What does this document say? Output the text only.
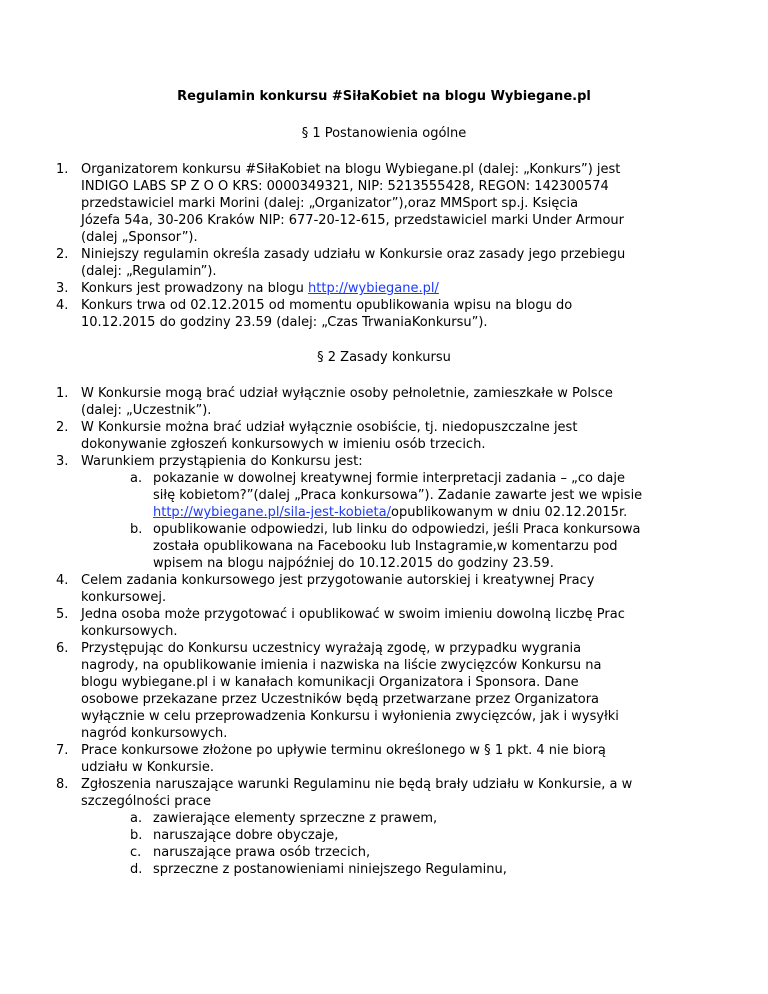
Regulamin konkursu #SiłaKobiet na blogu Wybiegane.pl

§ 1 Postanowienia ogólne

1. Organizatorem konkursu #SiłaKobiet na blogu Wybiegane.pl (dalej: „Konkurs”) jest
INDIGO LABS SP Z O O KRS: 0000349321, NIP: 5213555428, REGON: 142300574
przedstawiciel marki Morini (dalej: „Organizator”),oraz MMSport sp.j. Księcia
Józefa 54a, 30-206 Kraków NIP: 677-20-12-615, przedstawiciel marki Under Armour
(dalej „Sponsor”).
2. Niniejszy regulamin określa zasady udziału w Konkursie oraz zasady jego przebiegu
(dalej: „Regulamin”).
3. Konkurs jest prowadzony na blogu http://wybiegane.pl/
4. Konkurs trwa od 02.12.2015 od momentu opublikowania wpisu na blogu do
10.12.2015 do godziny 23.59 (dalej: „Czas TrwaniaKonkursu”).

§ 2 Zasady konkursu

1. W Konkursie mogą brać udział wyłącznie osoby pełnoletnie, zamieszkałe w Polsce
(dalej: „Uczestnik”).
2. W Konkursie można brać udział wyłącznie osobiście, tj. niedopuszczalne jest
dokonywanie zgłoszeń konkursowych w imieniu osób trzecich.
3. Warunkiem przystąpienia do Konkursu jest:
a. pokazanie w dowolnej kreatywnej formie interpretacji zadania – „co daje
siłę kobietom?”(dalej „Praca konkursowa”). Zadanie zawarte jest we wpisie
http://wybiegane.pl/sila-jest-kobieta/opublikowanym w dniu 02.12.2015r.
b. opublikowanie odpowiedzi, lub linku do odpowiedzi, jeśli Praca konkursowa
została opublikowana na Facebooku lub Instagramie,w komentarzu pod
wpisem na blogu najpóźniej do 10.12.2015 do godziny 23.59.
4. Celem zadania konkursowego jest przygotowanie autorskiej i kreatywnej Pracy
konkursowej.
5. Jedna osoba może przygotować i opublikować w swoim imieniu dowolną liczbę Prac
konkursowych.
6. Przystępując do Konkursu uczestnicy wyrażają zgodę, w przypadku wygrania
nagrody, na opublikowanie imienia i nazwiska na liście zwycięzców Konkursu na
blogu wybiegane.pl i w kanałach komunikacji Organizatora i Sponsora. Dane
osobowe przekazane przez Uczestników będą przetwarzane przez Organizatora
wyłącznie w celu przeprowadzenia Konkursu i wyłonienia zwycięzców, jak i wysyłki
nagród konkursowych.
7. Prace konkursowe złożone po upływie terminu określonego w § 1 pkt. 4 nie biorą
udziału w Konkursie.
8. Zgłoszenia naruszające warunki Regulaminu nie będą brały udziału w Konkursie, a w
szczególności prace
a. zawierające elementy sprzeczne z prawem,
b. naruszające dobre obyczaje,
c. naruszające prawa osób trzecich,
d. sprzeczne z postanowieniami niniejszego Regulaminu,
